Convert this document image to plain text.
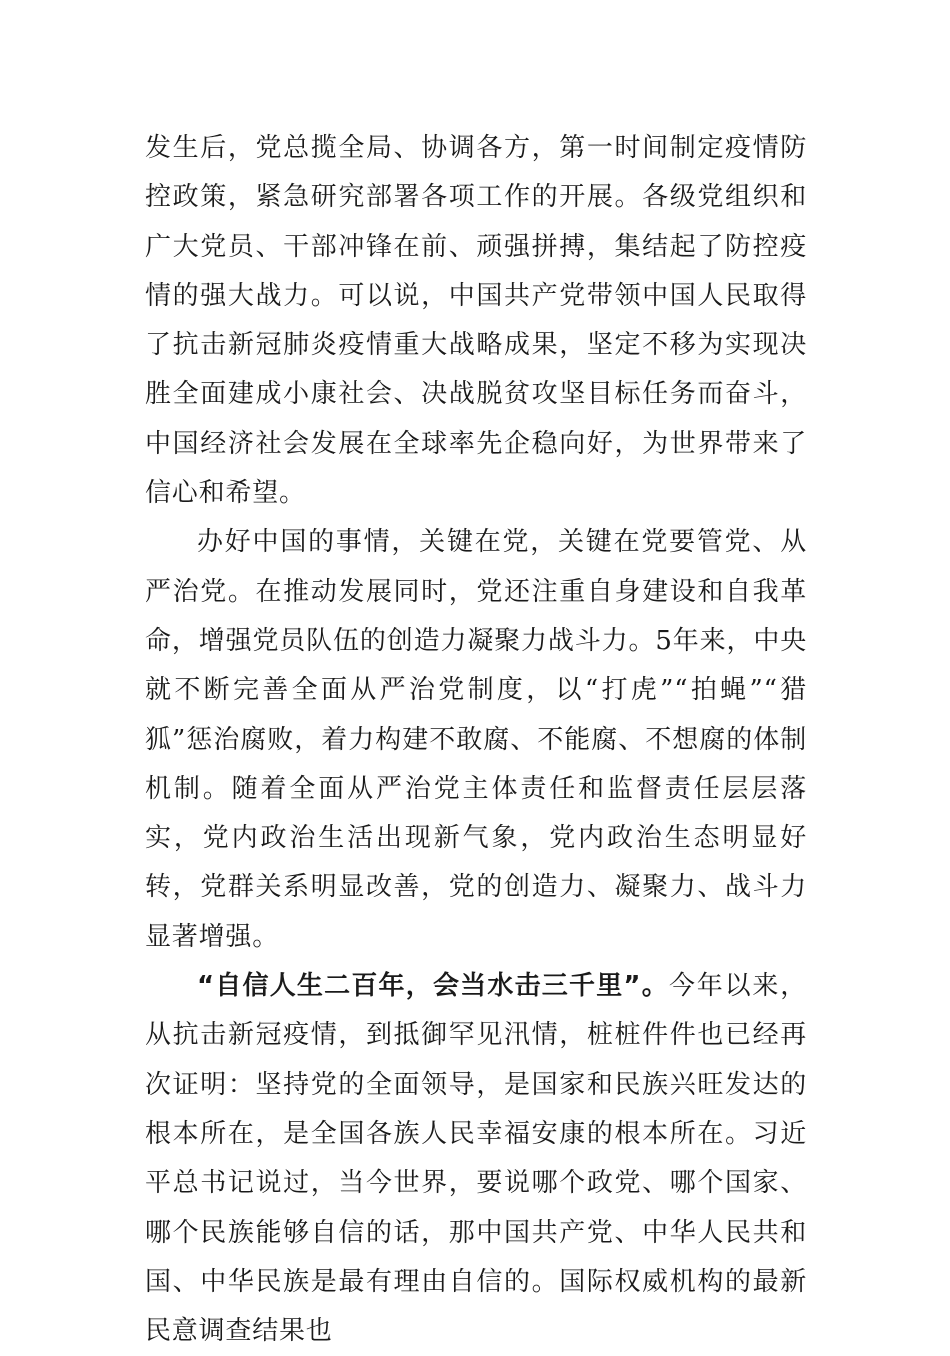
发生后，党总揽全局、协调各方，第一时间制定疫情防控政策，紧急研究部署各项工作的开展。各级党组织和广大党员、干部冲锋在前、顽强拼搏，集结起了防控疫情的强大战力。可以说，中国共产党带领中国人民取得了抗击新冠肺炎疫情重大战略成果，坚定不移为实现决胜全面建成小康社会、决战脱贫攻坚目标任务而奋斗，中国经济社会发展在全球率先企稳向好，为世界带来了信心和希望。

办好中国的事情，关键在党，关键在党要管党、从严治党。在推动发展同时，党还注重自身建设和自我革命，增强党员队伍的创造力凝聚力战斗力。5年来，中央就不断完善全面从严治党制度，以“打虎”“拍蝇”“猎狐”惩治腐败，着力构建不敢腐、不能腐、不想腐的体制机制。随着全面从严治党主体责任和监督责任层层落实，党内政治生活出现新气象，党内政治生态明显好转，党群关系明显改善，党的创造力、凝聚力、战斗力显著增强。

“自信人生二百年，会当水击三千里”。今年以来，从抗击新冠疫情，到抵御罕见汛情，桩桩件件也已经再次证明：坚持党的全面领导，是国家和民族兴旺发达的根本所在，是全国各族人民幸福安康的根本所在。习近平总书记说过，当今世界，要说哪个政党、哪个国家、哪个民族能够自信的话，那中国共产党、中华人民共和国、中华民族是最有理由自信的。国际权威机构的最新民意调查结果也
